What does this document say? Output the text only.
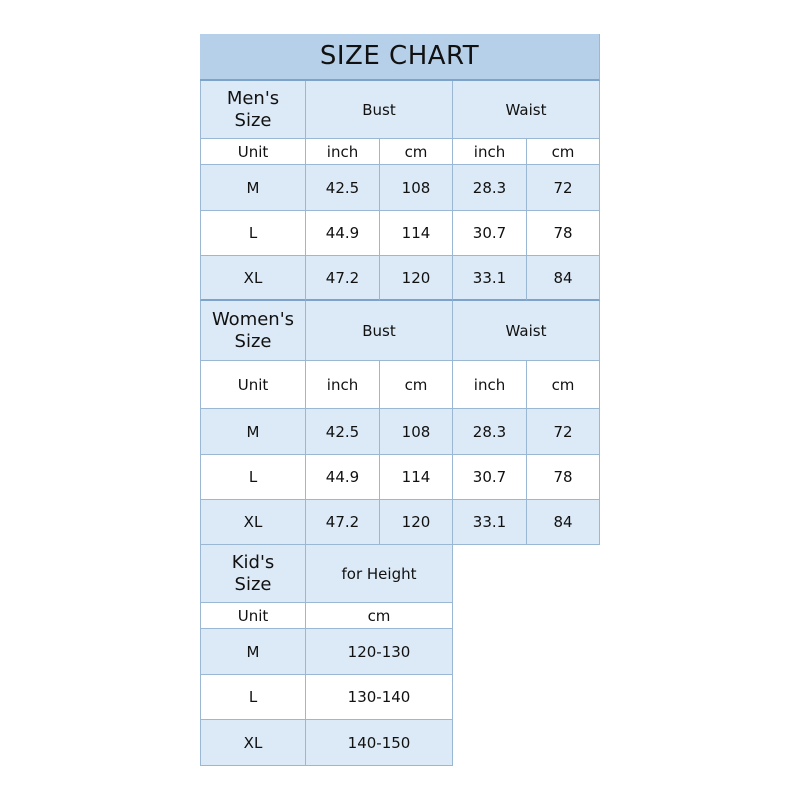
SIZE CHART
Men's
Size	Bust	Waist
Unit	inch	cm	inch	cm
M	42.5	108	28.3	72
L	44.9	114	30.7	78
XL	47.2	120	33.1	84
Women's
Size	Bust	Waist
Unit	inch	cm	inch	cm
M	42.5	108	28.3	72
L	44.9	114	30.7	78
XL	47.2	120	33.1	84
Kid's
Size	for Height
Unit	cm
M	120-130
L	130-140
XL	140-150
